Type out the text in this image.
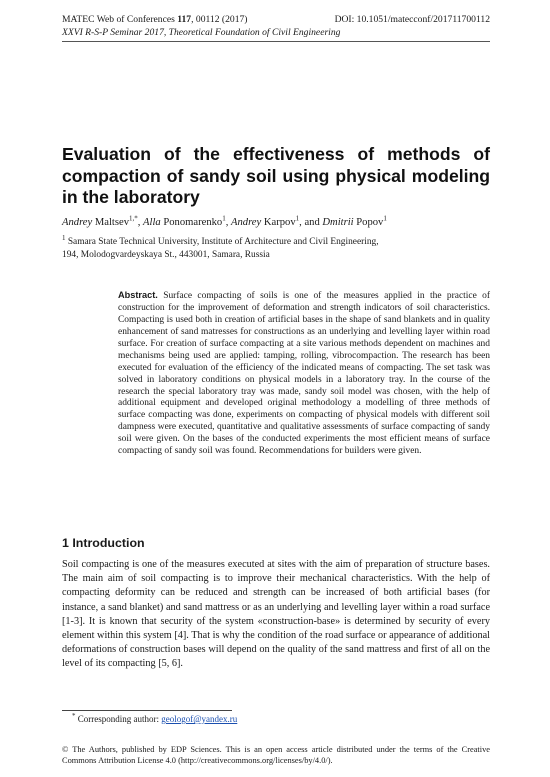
MATEC Web of Conferences 117, 00112 (2017)	DOI: 10.1051/matecconf/201711700112
XXVI R-S-P Seminar 2017, Theoretical Foundation of Civil Engineering
Evaluation of the effectiveness of methods of compaction of sandy soil using physical modeling in the laboratory
Andrey Maltsev$^{1,*}$, Alla Ponomarenko$^1$, Andrey Karpov$^1$, and Dmitrii Popov$^1$
$^1$ Samara State Technical University, Institute of Architecture and Civil Engineering,
194, Molodogvardeyskaya St., 443001, Samara, Russia
Abstract. Surface compacting of soils is one of the measures applied in the practice of construction for the improvement of deformation and strength indicators of soil characteristics. Compacting is used both in creation of artificial bases in the shape of sand blankets and in quality enhancement of sand matresses for constructions as an underlying and levelling layer within road surface. For creation of surface compacting at a site various methods dependent on machines and mechanisms being used are applied: tamping, rolling, vibrocompaction. The research has been executed for evaluation of the efficiency of the indicated means of compacting. The set task was solved in laboratory conditions on physical models in a laboratory tray. In the course of the research the special laboratory tray was made, sandy soil model was chosen, with the help of additional equipment and developed original methodology a modelling of three methods of surface compacting was done, experiments on compacting of physical models with different soil dampness were executed, quantitative and qualitative assessments of surface compacting of sandy soil were given. On the bases of the conducted experiments the most efficient means of surface compacting of sandy soil was found. Recommendations for builders were given.
1 Introduction
Soil compacting is one of the measures executed at sites with the aim of preparation of structure bases. The main aim of soil compacting is to improve their mechanical characteristics. With the help of compacting deformity can be reduced and strength can be increased of both artificial bases (for instance, a sand blanket) and sand mattress or as an underlying and levelling layer within a road surface [1-3]. It is known that security of the system «construction-base» is determined by security of every element within this system [4]. That is why the condition of the road surface or appearance of additional deformations of construction bases will depend on the quality of the sand mattress and first of all on the level of its compacting [5, 6].
* Corresponding author: geologof@yandex.ru
© The Authors, published by EDP Sciences. This is an open access article distributed under the terms of the Creative Commons Attribution License 4.0 (http://creativecommons.org/licenses/by/4.0/).
